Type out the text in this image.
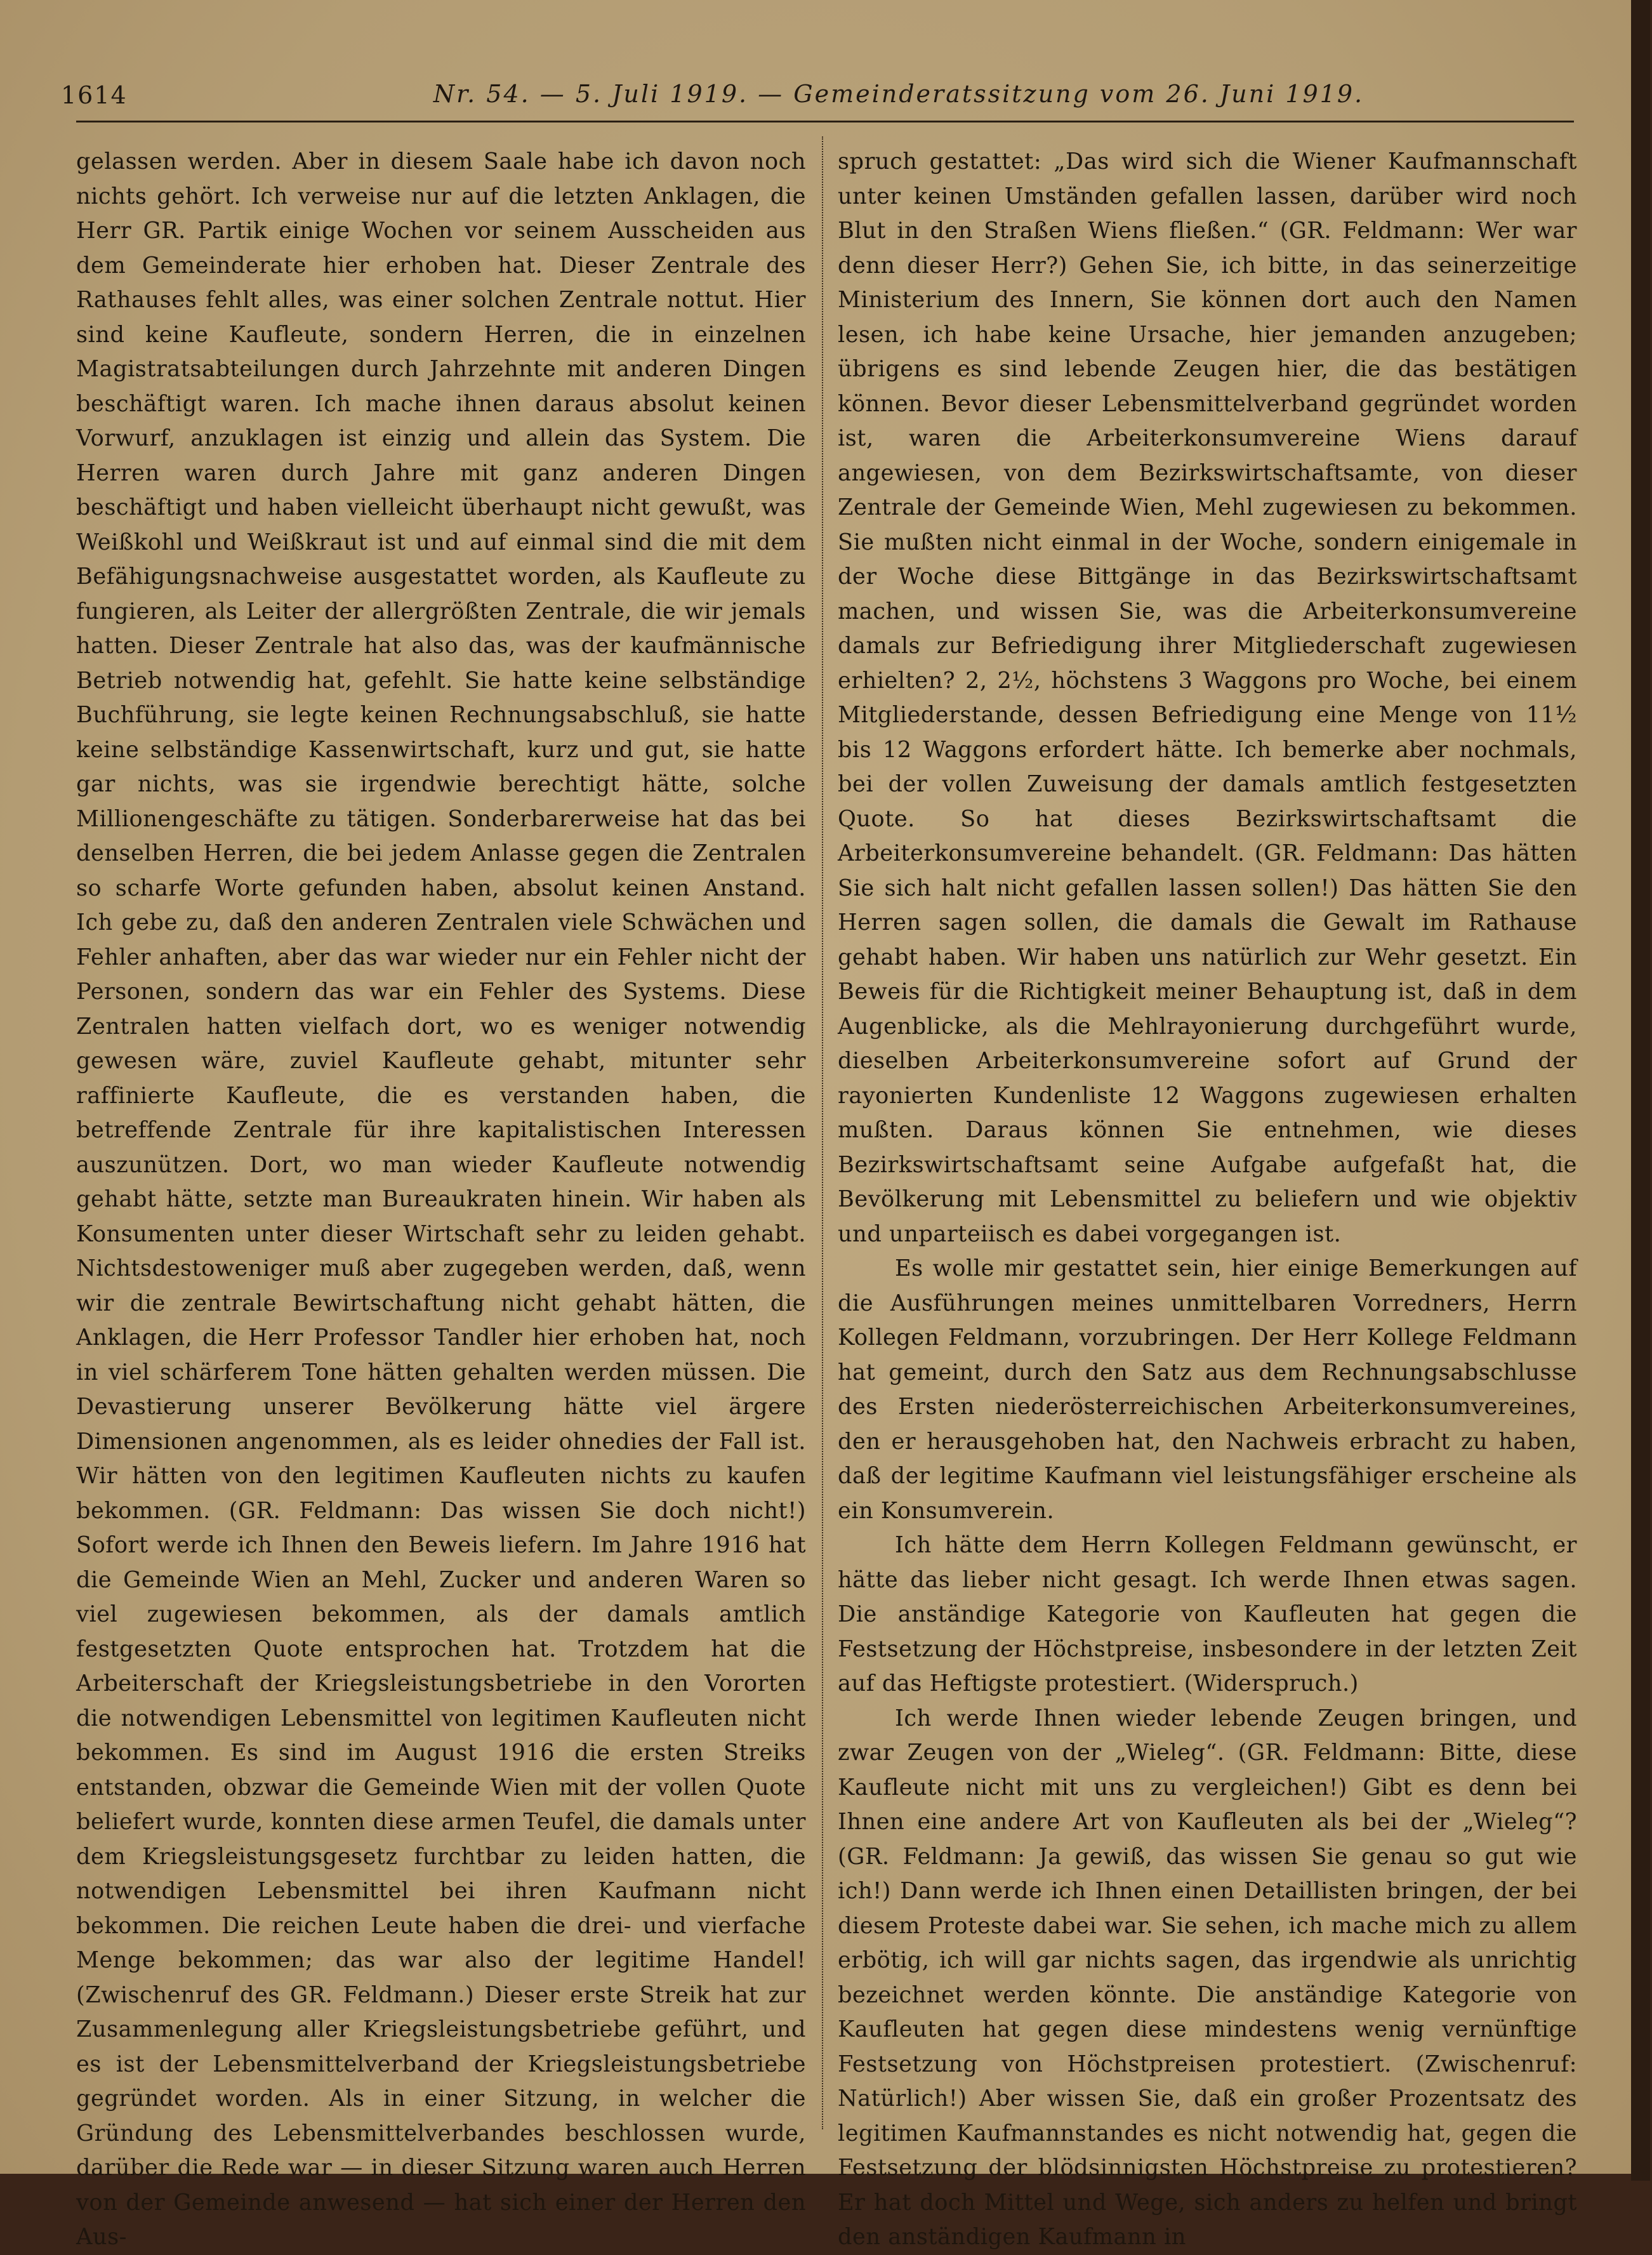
1614	Nr. 54. — 5. Juli 1919. — Gemeinderatssitzung vom 26. Juni 1919.

gelassen werden. Aber in diesem Saale habe ich davon noch nichts gehört. Ich verweise nur auf die letzten Anklagen, die Herr GR. Partik einige Wochen vor seinem Ausscheiden aus dem Gemeinderate hier erhoben hat. Dieser Zentrale des Rathauses fehlt alles, was einer solchen Zentrale nottut. Hier sind keine Kaufleute, sondern Herren, die in einzelnen Magistratsabteilungen durch Jahrzehnte mit anderen Dingen beschäftigt waren. Ich mache ihnen daraus absolut keinen Vorwurf, anzuklagen ist einzig und allein das System. Die Herren waren durch Jahre mit ganz anderen Dingen beschäftigt und haben vielleicht überhaupt nicht gewußt, was Weißkohl und Weißkraut ist und auf einmal sind die mit dem Befähigungsnachweise ausgestattet worden, als Kaufleute zu fungieren, als Leiter der allergrößten Zentrale, die wir jemals hatten. Dieser Zentrale hat also das, was der kaufmännische Betrieb notwendig hat, gefehlt. Sie hatte keine selbständige Buchführung, sie legte keinen Rechnungsabschluß, sie hatte keine selbständige Kassenwirtschaft, kurz und gut, sie hatte gar nichts, was sie irgendwie berechtigt hätte, solche Millionengeschäfte zu tätigen. Sonderbarerweise hat das bei denselben Herren, die bei jedem Anlasse gegen die Zentralen so scharfe Worte gefunden haben, absolut keinen Anstand. Ich gebe zu, daß den anderen Zentralen viele Schwächen und Fehler anhaften, aber das war wieder nur ein Fehler nicht der Personen, sondern das war ein Fehler des Systems. Diese Zentralen hatten vielfach dort, wo es weniger notwendig gewesen wäre, zuviel Kaufleute gehabt, mitunter sehr raffinierte Kaufleute, die es verstanden haben, die betreffende Zentrale für ihre kapitalistischen Interessen auszunützen. Dort, wo man wieder Kaufleute notwendig gehabt hätte, setzte man Bureaukraten hinein. Wir haben als Konsumenten unter dieser Wirtschaft sehr zu leiden gehabt. Nichtsdestoweniger muß aber zugegeben werden, daß, wenn wir die zentrale Bewirtschaftung nicht gehabt hätten, die Anklagen, die Herr Professor Tandler hier erhoben hat, noch in viel schärferem Tone hätten gehalten werden müssen. Die Devastierung unserer Bevölkerung hätte viel ärgere Dimensionen angenommen, als es leider ohnedies der Fall ist. Wir hätten von den legitimen Kaufleuten nichts zu kaufen bekommen. (GR. Feldmann: Das wissen Sie doch nicht!) Sofort werde ich Ihnen den Beweis liefern. Im Jahre 1916 hat die Gemeinde Wien an Mehl, Zucker und anderen Waren so viel zugewiesen bekommen, als der damals amtlich festgesetzten Quote entsprochen hat. Trotzdem hat die Arbeiterschaft der Kriegsleistungsbetriebe in den Vororten die notwendigen Lebensmittel von legitimen Kaufleuten nicht bekommen. Es sind im August 1916 die ersten Streiks entstanden, obzwar die Gemeinde Wien mit der vollen Quote beliefert wurde, konnten diese armen Teufel, die damals unter dem Kriegsleistungsgesetz furchtbar zu leiden hatten, die notwendigen Lebensmittel bei ihren Kaufmann nicht bekommen. Die reichen Leute haben die drei- und vierfache Menge bekommen; das war also der legitime Handel! (Zwischenruf des GR. Feldmann.) Dieser erste Streik hat zur Zusammenlegung aller Kriegsleistungsbetriebe geführt, und es ist der Lebensmittelverband der Kriegsleistungsbetriebe gegründet worden. Als in einer Sitzung, in welcher die Gründung des Lebensmittelverbandes beschlossen wurde, darüber die Rede war — in dieser Sitzung waren auch Herren von der Gemeinde anwesend — hat sich einer der Herren den Aus-

spruch gestattet: „Das wird sich die Wiener Kaufmannschaft unter keinen Umständen gefallen lassen, darüber wird noch Blut in den Straßen Wiens fließen.“ (GR. Feldmann: Wer war denn dieser Herr?) Gehen Sie, ich bitte, in das seinerzeitige Ministerium des Innern, Sie können dort auch den Namen lesen, ich habe keine Ursache, hier jemanden anzugeben; übrigens es sind lebende Zeugen hier, die das bestätigen können. Bevor dieser Lebensmittelverband gegründet worden ist, waren die Arbeiterkonsumvereine Wiens darauf angewiesen, von dem Bezirkswirtschaftsamte, von dieser Zentrale der Gemeinde Wien, Mehl zugewiesen zu bekommen. Sie mußten nicht einmal in der Woche, sondern einigemale in der Woche diese Bittgänge in das Bezirkswirtschaftsamt machen, und wissen Sie, was die Arbeiterkonsumvereine damals zur Befriedigung ihrer Mitgliederschaft zugewiesen erhielten? 2, 2½, höchstens 3 Waggons pro Woche, bei einem Mitgliederstande, dessen Befriedigung eine Menge von 11½ bis 12 Waggons erfordert hätte. Ich bemerke aber nochmals, bei der vollen Zuweisung der damals amtlich festgesetzten Quote. So hat dieses Bezirkswirtschaftsamt die Arbeiterkonsumvereine behandelt. (GR. Feldmann: Das hätten Sie sich halt nicht gefallen lassen sollen!) Das hätten Sie den Herren sagen sollen, die damals die Gewalt im Rathause gehabt haben. Wir haben uns natürlich zur Wehr gesetzt. Ein Beweis für die Richtigkeit meiner Behauptung ist, daß in dem Augenblicke, als die Mehlrayonierung durchgeführt wurde, dieselben Arbeiterkonsumvereine sofort auf Grund der rayonierten Kundenliste 12 Waggons zugewiesen erhalten mußten. Daraus können Sie entnehmen, wie dieses Bezirkswirtschaftsamt seine Aufgabe aufgefaßt hat, die Bevölkerung mit Lebensmittel zu beliefern und wie objektiv und unparteiisch es dabei vorgegangen ist.

Es wolle mir gestattet sein, hier einige Bemerkungen auf die Ausführungen meines unmittelbaren Vorredners, Herrn Kollegen Feldmann, vorzubringen. Der Herr Kollege Feldmann hat gemeint, durch den Satz aus dem Rechnungsabschlusse des Ersten niederösterreichischen Arbeiterkonsumvereines, den er herausgehoben hat, den Nachweis erbracht zu haben, daß der legitime Kaufmann viel leistungsfähiger erscheine als ein Konsumverein.

Ich hätte dem Herrn Kollegen Feldmann gewünscht, er hätte das lieber nicht gesagt. Ich werde Ihnen etwas sagen. Die anständige Kategorie von Kaufleuten hat gegen die Festsetzung der Höchstpreise, insbesondere in der letzten Zeit auf das Heftigste protestiert. (Widerspruch.)

Ich werde Ihnen wieder lebende Zeugen bringen, und zwar Zeugen von der „Wieleg“. (GR. Feldmann: Bitte, diese Kaufleute nicht mit uns zu vergleichen!) Gibt es denn bei Ihnen eine andere Art von Kaufleuten als bei der „Wieleg“? (GR. Feldmann: Ja gewiß, das wissen Sie genau so gut wie ich!) Dann werde ich Ihnen einen Detaillisten bringen, der bei diesem Proteste dabei war. Sie sehen, ich mache mich zu allem erbötig, ich will gar nichts sagen, das irgendwie als unrichtig bezeichnet werden könnte. Die anständige Kategorie von Kaufleuten hat gegen diese mindestens wenig vernünftige Festsetzung von Höchstpreisen protestiert. (Zwischenruf: Natürlich!) Aber wissen Sie, daß ein großer Prozentsatz des legitimen Kaufmannstandes es nicht notwendig hat, gegen die Festsetzung der blödsinnigsten Höchstpreise zu protestieren? Er hat doch Mittel und Wege, sich anders zu helfen und bringt den anständigen Kaufmann in
